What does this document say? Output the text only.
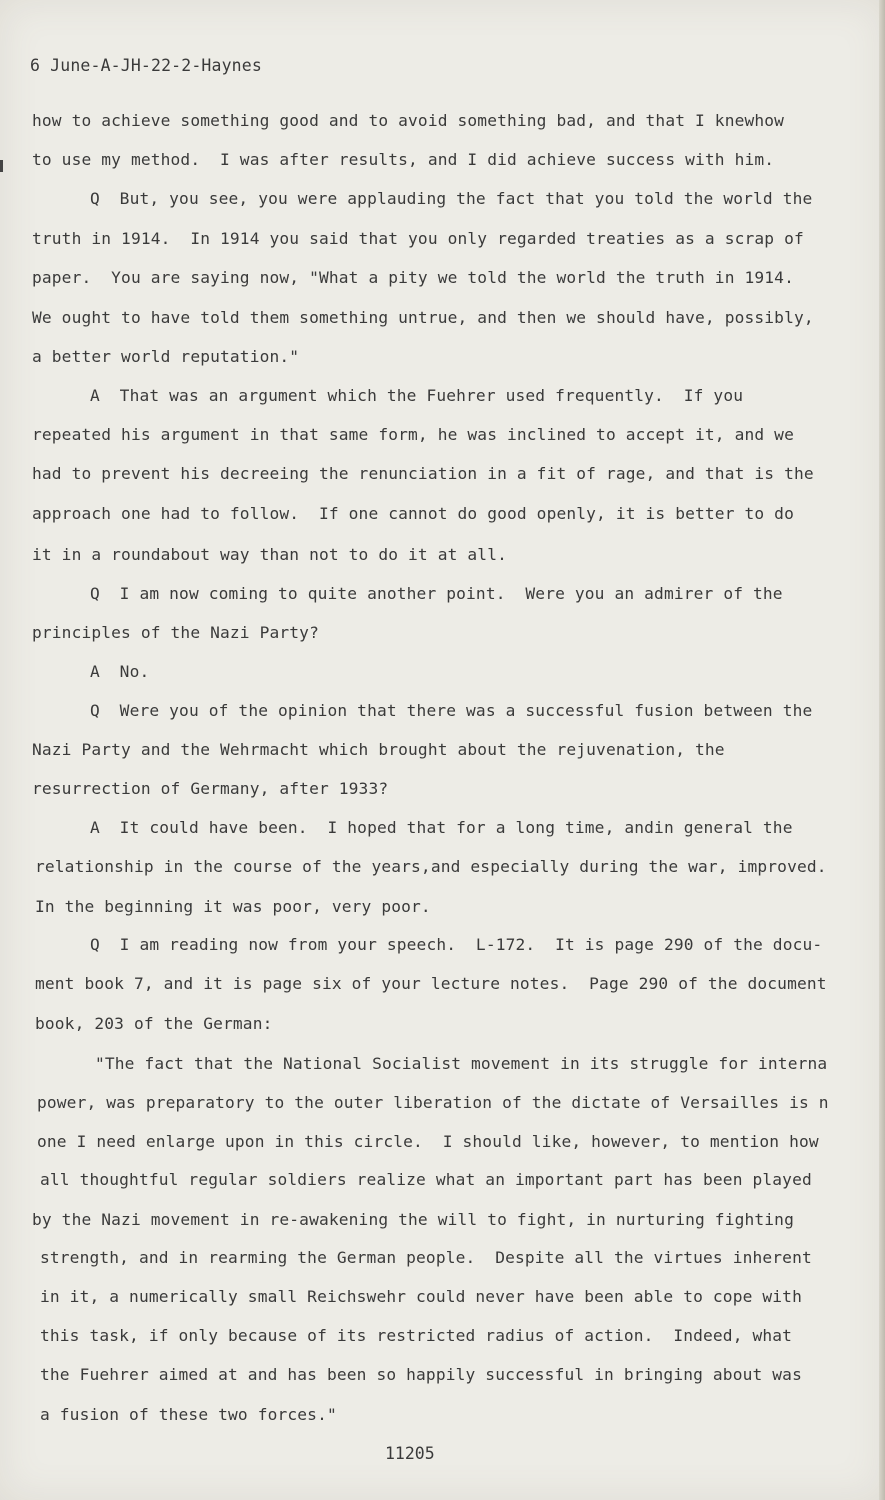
6 June-A-JH-22-2-Haynes
how to achieve something good and to avoid something bad, and that I knewhow
to use my method.  I was after results, and I did achieve success with him.
Q  But, you see, you were applauding the fact that you told the world the
truth in 1914.  In 1914 you said that you only regarded treaties as a scrap of
paper.  You are saying now, "What a pity we told the world the truth in 1914.
We ought to have told them something untrue, and then we should have, possibly,
a better world reputation."
A  That was an argument which the Fuehrer used frequently.  If you
repeated his argument in that same form, he was inclined to accept it, and we
had to prevent his decreeing the renunciation in a fit of rage, and that is the
approach one had to follow.  If one cannot do good openly, it is better to do
it in a roundabout way than not to do it at all.
Q  I am now coming to quite another point.  Were you an admirer of the
principles of the Nazi Party?
A  No.
Q  Were you of the opinion that there was a successful fusion between the
Nazi Party and the Wehrmacht which brought about the rejuvenation, the
resurrection of Germany, after 1933?
A  It could have been.  I hoped that for a long time, andin general the
relationship in the course of the years,and especially during the war, improved.
In the beginning it was poor, very poor.
Q  I am reading now from your speech.  L-172.  It is page 290 of the docu-
ment book 7, and it is page six of your lecture notes.  Page 290 of the document
book, 203 of the German:
"The fact that the National Socialist movement in its struggle for interna
power, was preparatory to the outer liberation of the dictate of Versailles is n
one I need enlarge upon in this circle.  I should like, however, to mention how
all thoughtful regular soldiers realize what an important part has been played
by the Nazi movement in re-awakening the will to fight, in nurturing fighting
strength, and in rearming the German people.  Despite all the virtues inherent
in it, a numerically small Reichswehr could never have been able to cope with
this task, if only because of its restricted radius of action.  Indeed, what
the Fuehrer aimed at and has been so happily successful in bringing about was
a fusion of these two forces."
11205
